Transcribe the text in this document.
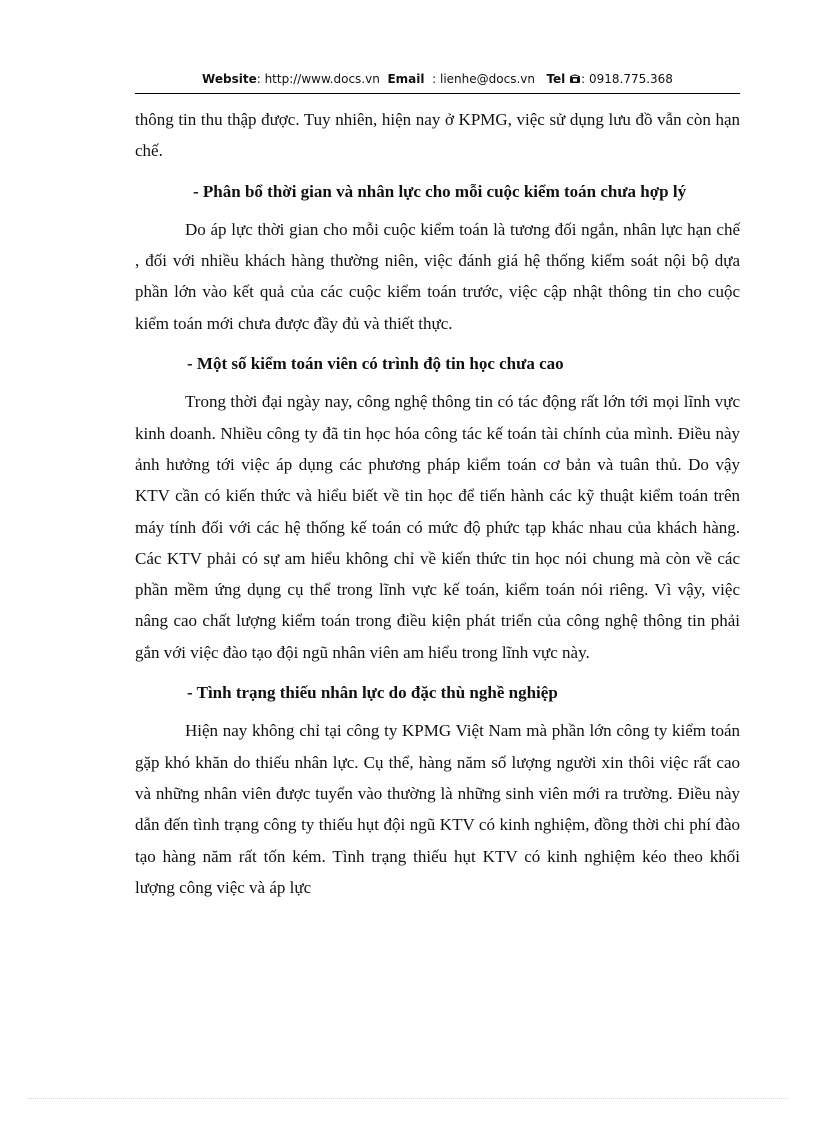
Website: http://www.docs.vn Email : lienhe@docs.vn Tel : 0918.775.368

thông tin thu thập được. Tuy nhiên, hiện nay ở KPMG, việc sử dụng lưu đồ vẫn còn hạn chế.

- Phân bổ thời gian và nhân lực cho mỗi cuộc kiểm toán chưa hợp lý

Do áp lực thời gian cho mỗi cuộc kiểm toán là tương đối ngắn, nhân lực hạn chế , đối với nhiều khách hàng thường niên, việc đánh giá hệ thống kiểm soát nội bộ dựa phần lớn vào kết quả của các cuộc kiểm toán trước, việc cập nhật thông tin cho cuộc kiểm toán mới chưa được đầy đủ và thiết thực.

- Một số kiểm toán viên có trình độ tin học chưa cao

Trong thời đại ngày nay, công nghệ thông tin có tác động rất lớn tới mọi lĩnh vực kinh doanh. Nhiều công ty đã tin học hóa công tác kế toán tài chính của mình. Điều này ảnh hưởng tới việc áp dụng các phương pháp kiểm toán cơ bản và tuân thủ. Do vậy KTV cần có kiến thức và hiểu biết về tin học để tiến hành các kỹ thuật kiểm toán trên máy tính đối với các hệ thống kế toán có mức độ phức tạp khác nhau của khách hàng. Các KTV phải có sự am hiểu không chỉ về kiến thức tin học nói chung mà còn về các phần mềm ứng dụng cụ thể trong lĩnh vực kế toán, kiểm toán nói riêng. Vì vậy, việc nâng cao chất lượng kiểm toán trong điều kiện phát triển của công nghệ thông tin phải gắn với việc đào tạo đội ngũ nhân viên am hiểu trong lĩnh vực này.

- Tình trạng thiếu nhân lực do đặc thù nghề nghiệp

Hiện nay không chỉ tại công ty KPMG Việt Nam mà phần lớn công ty kiểm toán gặp khó khăn do thiếu nhân lực. Cụ thể, hàng năm số lượng người xin thôi việc rất cao và những nhân viên được tuyển vào thường là những sinh viên mới ra trường. Điều này dẫn đến tình trạng công ty thiếu hụt đội ngũ KTV có kinh nghiệm, đồng thời chi phí đào tạo hàng năm rất tốn kém. Tình trạng thiếu hụt KTV có kinh nghiệm kéo theo khối lượng công việc và áp lực
